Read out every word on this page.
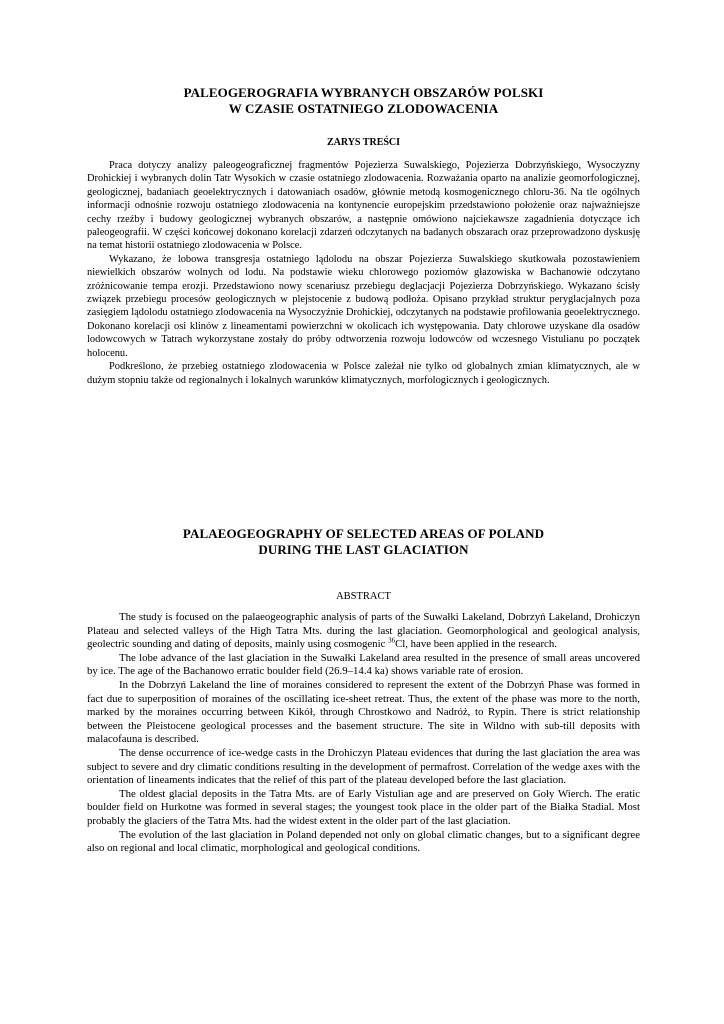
PALEOGEROGRAFIA WYBRANYCH OBSZARÓW POLSKI
W CZASIE OSTATNIEGO ZLODOWACENIA
ZARYS TREŚCI

Praca dotyczy analizy paleogeograficznej fragmentów Pojezierza Suwalskiego, Pojezierza Dobrzyńskiego, Wysoczyzny Drohickiej i wybranych dolin Tatr Wysokich w czasie ostatniego zlodowacenia. Rozważania oparto na analizie geomorfologicznej, geologicznej, badaniach geoelektrycznych i datowaniach osadów, głównie metodą kosmogenicznego chloru-36. Na tle ogólnych informacji odnośnie rozwoju ostatniego zlodowacenia na kontynencie europejskim przedstawiono położenie oraz najważniejsze cechy rzeźby i budowy geologicznej wybranych obszarów, a następnie omówiono najciekawsze zagadnienia dotyczące ich paleogeografii. W części końcowej dokonano korelacji zdarzeń odczytanych na badanych obszarach oraz przeprowadzono dyskusję na temat historii ostatniego zlodowacenia w Polsce.

Wykazano, że lobowa transgresja ostatniego lądolodu na obszar Pojezierza Suwalskiego skutkowała pozostawieniem niewielkich obszarów wolnych od lodu. Na podstawie wieku chlorowego poziomów głazowiska w Bachanowie odczytano zróżnicowanie tempa erozji. Przedstawiono nowy scenariusz przebiegu deglacjacji Pojezierza Dobrzyńskiego. Wykazano ścisły związek przebiegu procesów geologicznych w plejstocenie z budową podłoża. Opisano przykład struktur peryglacjalnych poza zasięgiem lądolodu ostatniego zlodowacenia na Wysoczyźnie Drohickiej, odczytanych na podstawie profilowania geoelektrycznego. Dokonano korelacji osi klinów z lineamentami powierzchni w okolicach ich występowania. Daty chlorowe uzyskane dla osadów lodowcowych w Tatrach wykorzystane zostały do próby odtworzenia rozwoju lodowców od wczesnego Vistulianu po początek holocenu.

Podkreślono, że przebieg ostatniego zlodowacenia w Polsce zależał nie tylko od globalnych zmian klimatycznych, ale w dużym stopniu także od regionalnych i lokalnych warunków klimatycznych, morfologicznych i geologicznych.

PALAEOGEOGRAPHY OF SELECTED AREAS OF POLAND
DURING THE LAST GLACIATION
ABSTRACT

The study is focused on the palaeogeographic analysis of parts of the Suwałki Lakeland, Dobrzyń Lakeland, Drohiczyn Plateau and selected valleys of the High Tatra Mts. during the last glaciation. Geomorphological and geological analysis, geolectric sounding and dating of deposits, mainly using cosmogenic $^{36}$Cl, have been applied in the research.

The lobe advance of the last glaciation in the Suwałki Lakeland area resulted in the presence of small areas uncovered by ice. The age of the Bachanowo erratic boulder field (26.9–14.4 ka) shows variable rate of erosion.

In the Dobrzyń Lakeland the line of moraines considered to represent the extent of the Dobrzyń Phase was formed in fact due to superposition of moraines of the oscillating ice-sheet retreat. Thus, the extent of the phase was more to the north, marked by the moraines occurring between Kikół, through Chrostkowo and Nadróż, to Rypin. There is strict relationship between the Pleistocene geological processes and the basement structure. The site in Wildno with sub-till deposits with malacofauna is described.

The dense occurrence of ice-wedge casts in the Drohiczyn Plateau evidences that during the last glaciation the area was subject to severe and dry climatic conditions resulting in the development of permafrost. Correlation of the wedge axes with the orientation of lineaments indicates that the relief of this part of the plateau developed before the last glaciation.

The oldest glacial deposits in the Tatra Mts. are of Early Vistulian age and are preserved on Goły Wierch. The eratic boulder field on Hurkotne was formed in several stages; the youngest took place in the older part of the Białka Stadial. Most probably the glaciers of the Tatra Mts. had the widest extent in the older part of the last glaciation.

The evolution of the last glaciation in Poland depended not only on global climatic changes, but to a significant degree also on regional and local climatic, morphological and geological conditions.
